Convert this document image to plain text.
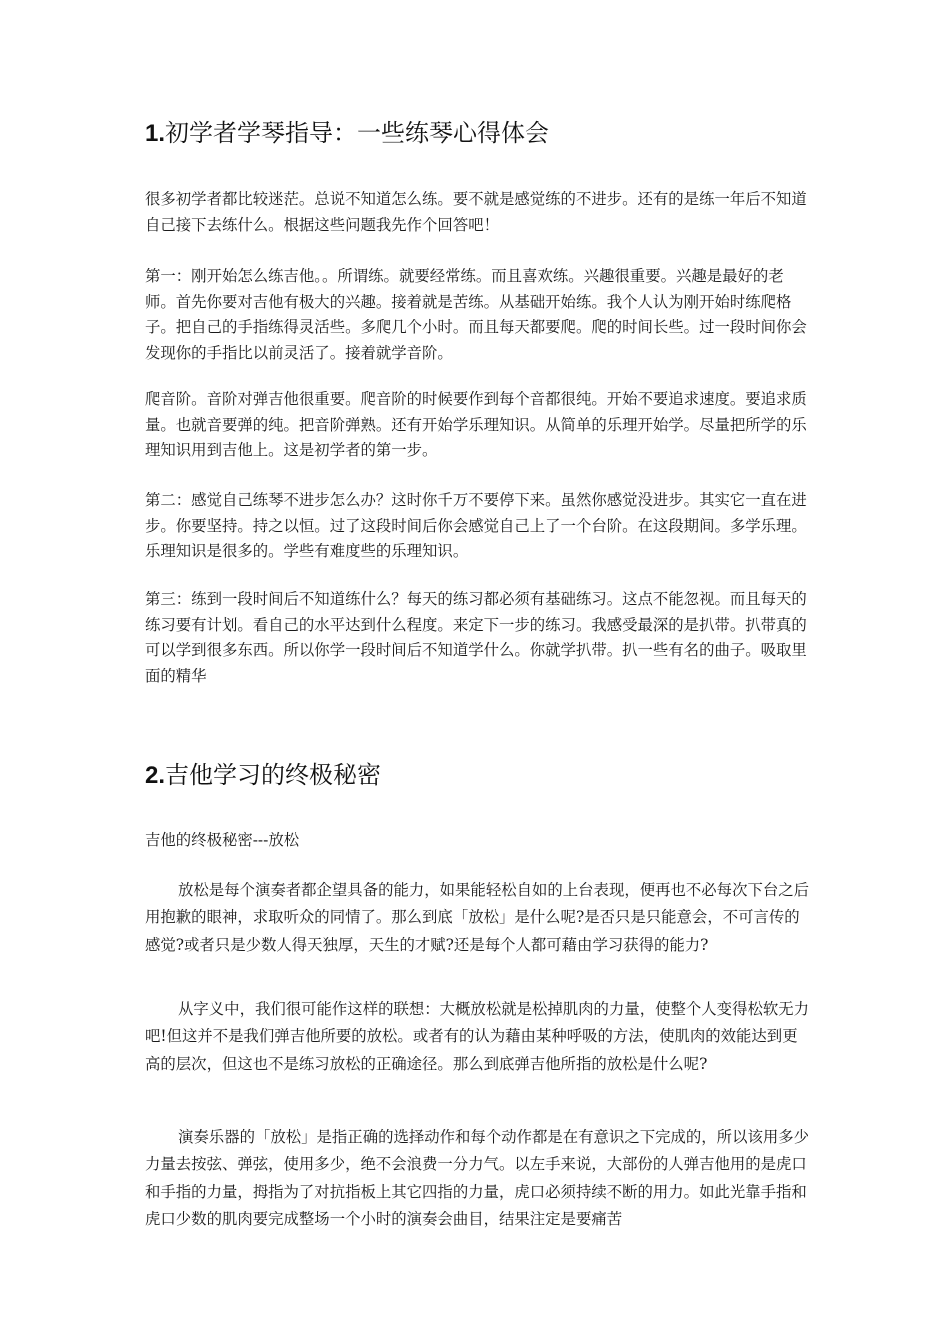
1.初学者学琴指导：一些练琴心得体会

很多初学者都比较迷茫。总说不知道怎么练。要不就是感觉练的不进步。还有的是练一年后不知道自己接下去练什么。根据这些问题我先作个回答吧！

第一：刚开始怎么练吉他。。所谓练。就要经常练。而且喜欢练。兴趣很重要。兴趣是最好的老师。首先你要对吉他有极大的兴趣。接着就是苦练。从基础开始练。我个人认为刚开始时练爬格子。把自己的手指练得灵活些。多爬几个小时。而且每天都要爬。爬的时间长些。过一段时间你会发现你的手指比以前灵活了。接着就学音阶。

爬音阶。音阶对弹吉他很重要。爬音阶的时候要作到每个音都很纯。开始不要追求速度。要追求质量。也就音要弹的纯。把音阶弹熟。还有开始学乐理知识。从简单的乐理开始学。尽量把所学的乐理知识用到吉他上。这是初学者的第一步。

第二：感觉自己练琴不进步怎么办？这时你千万不要停下来。虽然你感觉没进步。其实它一直在进步。你要坚持。持之以恒。过了这段时间后你会感觉自己上了一个台阶。在这段期间。多学乐理。乐理知识是很多的。学些有难度些的乐理知识。

第三：练到一段时间后不知道练什么？每天的练习都必须有基础练习。这点不能忽视。而且每天的练习要有计划。看自己的水平达到什么程度。来定下一步的练习。我感受最深的是扒带。扒带真的可以学到很多东西。所以你学一段时间后不知道学什么。你就学扒带。扒一些有名的曲子。吸取里面的精华

2.吉他学习的终极秘密

吉他的终极秘密---放松

放松是每个演奏者都企望具备的能力，如果能轻松自如的上台表现，便再也不必每次下台之后用抱歉的眼神，求取听众的同情了。那么到底「放松」是什么呢?是否只是只能意会，不可言传的感觉?或者只是少数人得天独厚，天生的才赋?还是每个人都可藉由学习获得的能力?

从字义中，我们很可能作这样的联想：大概放松就是松掉肌肉的力量，使整个人变得松软无力吧!但这并不是我们弹吉他所要的放松。或者有的认为藉由某种呼吸的方法，使肌肉的效能达到更高的层次，但这也不是练习放松的正确途径。那么到底弹吉他所指的放松是什么呢?

演奏乐器的「放松」是指正确的选择动作和每个动作都是在有意识之下完成的，所以该用多少力量去按弦、弹弦，使用多少，绝不会浪费一分力气。以左手来说，大部份的人弹吉他用的是虎口和手指的力量，拇指为了对抗指板上其它四指的力量，虎口必须持续不断的用力。如此光靠手指和虎口少数的肌肉要完成整场一个小时的演奏会曲目，结果注定是要痛苦
